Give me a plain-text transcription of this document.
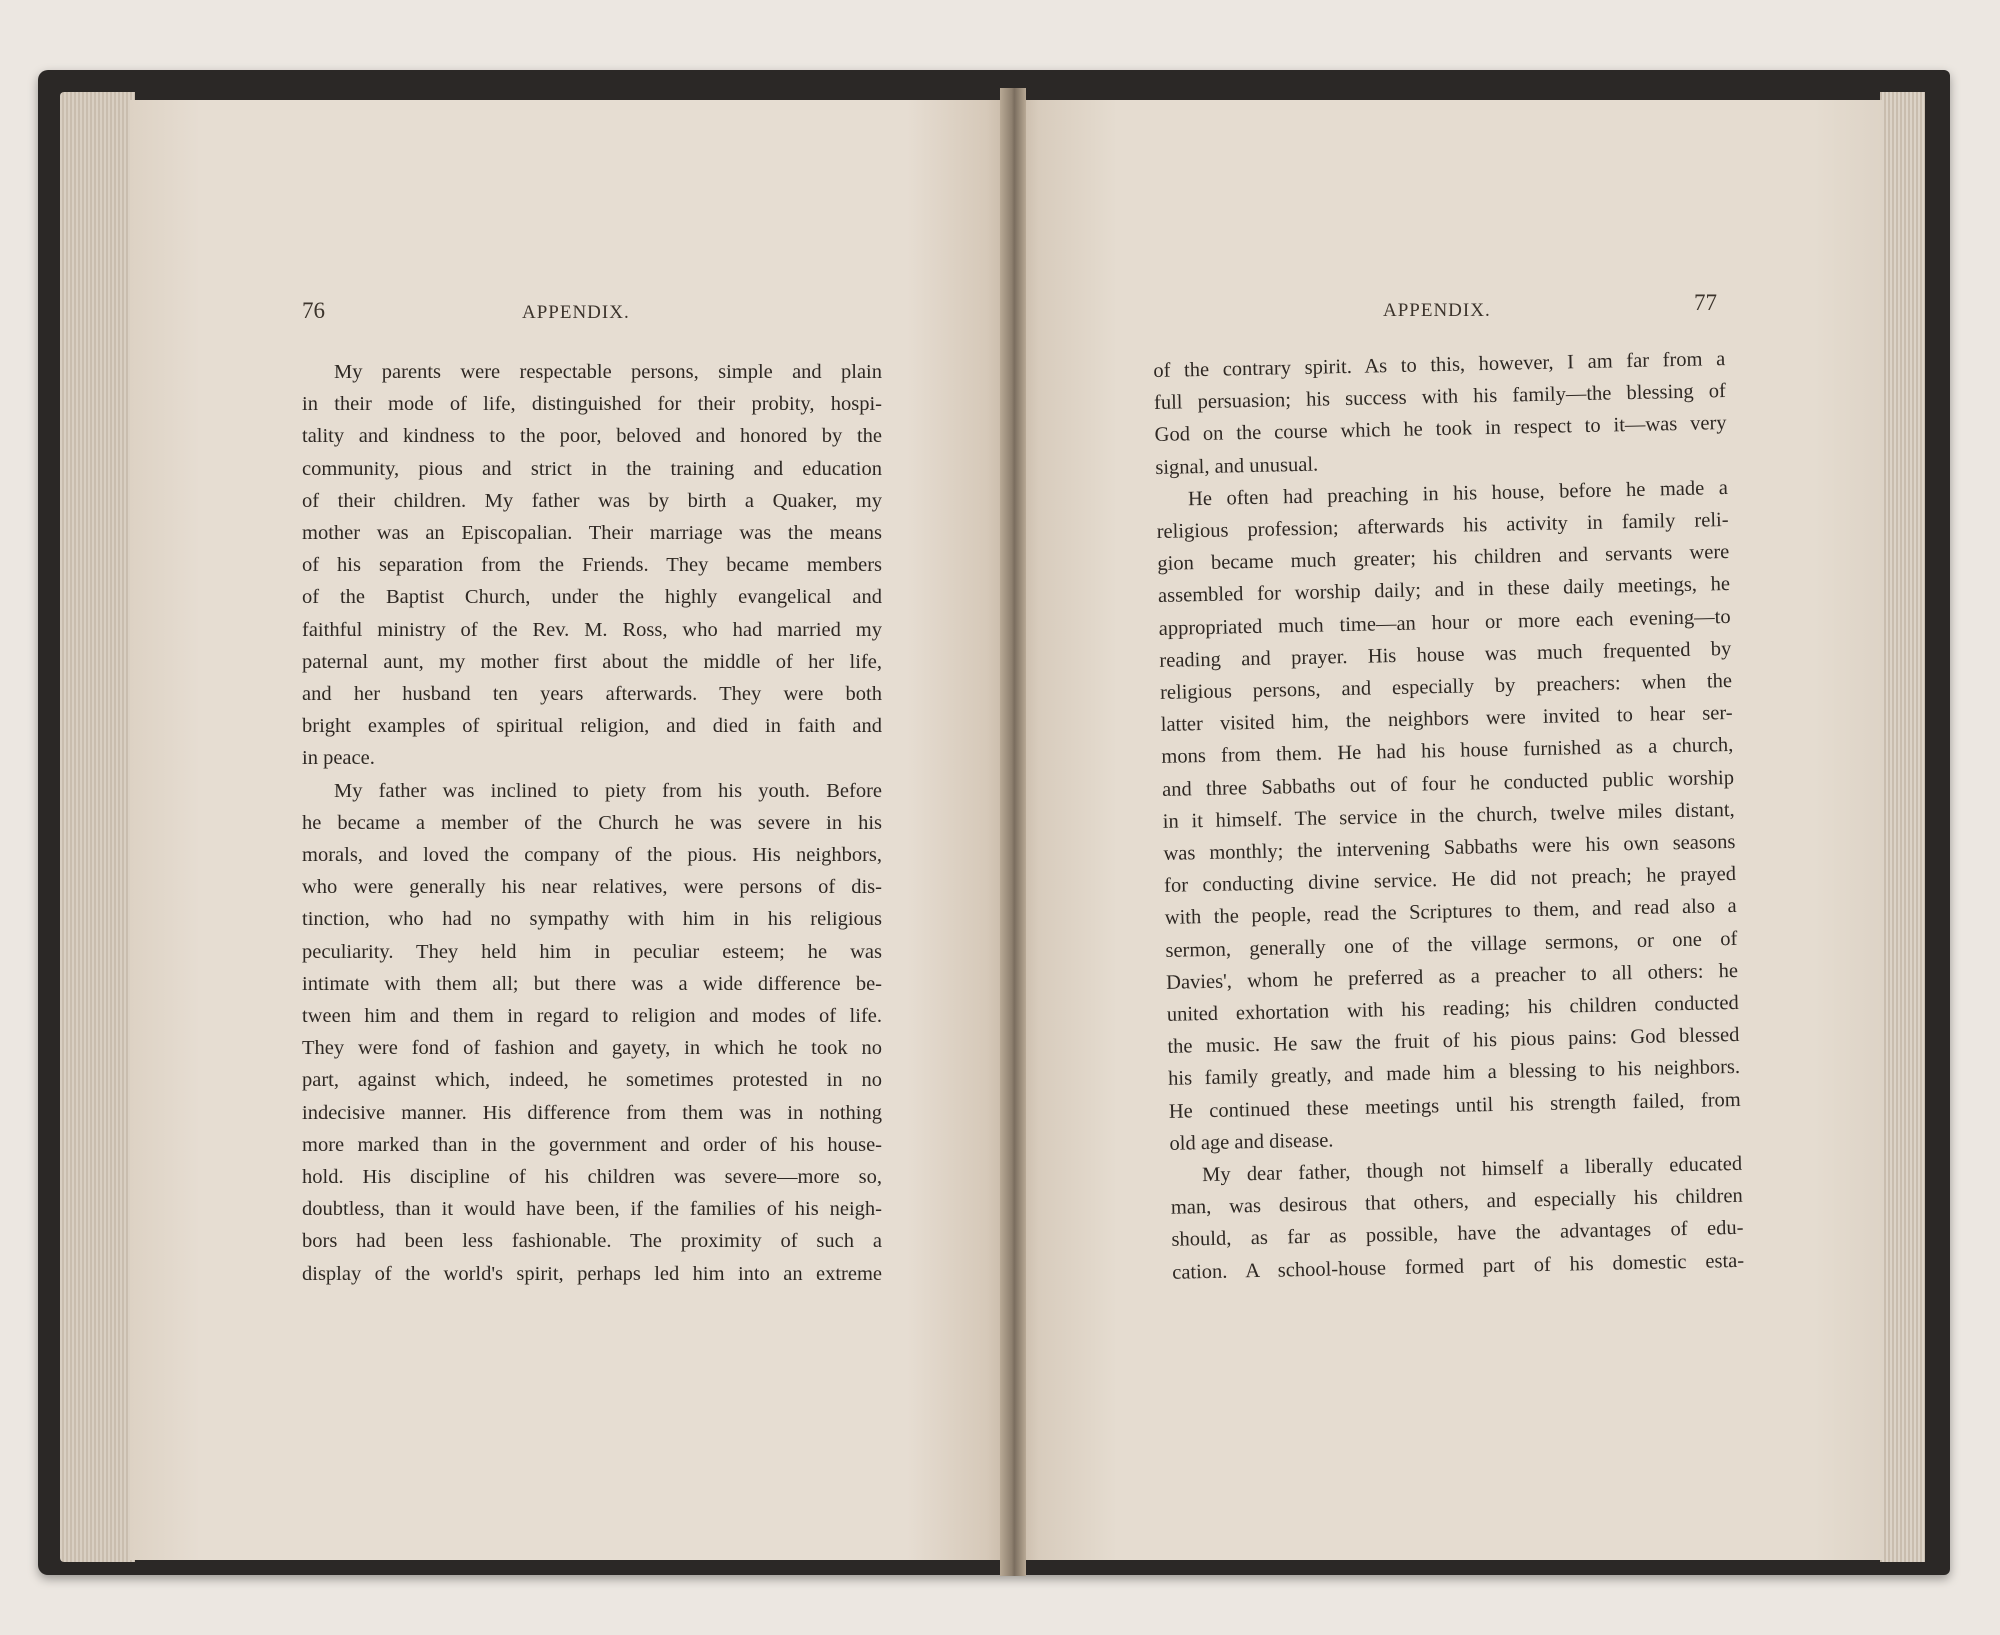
76	APPENDIX.
My parents were respectable persons, simple and plain
in their mode of life, distinguished for their probity, hospi-
tality and kindness to the poor, beloved and honored by the
community, pious and strict in the training and education
of their children. My father was by birth a Quaker, my
mother was an Episcopalian. Their marriage was the means
of his separation from the Friends. They became members
of the Baptist Church, under the highly evangelical and
faithful ministry of the Rev. M. Ross, who had married my
paternal aunt, my mother first about the middle of her life,
and her husband ten years afterwards. They were both
bright examples of spiritual religion, and died in faith and
in peace.
My father was inclined to piety from his youth. Before
he became a member of the Church he was severe in his
morals, and loved the company of the pious. His neighbors,
who were generally his near relatives, were persons of dis-
tinction, who had no sympathy with him in his religious
peculiarity. They held him in peculiar esteem; he was
intimate with them all; but there was a wide difference be-
tween him and them in regard to religion and modes of life.
They were fond of fashion and gayety, in which he took no
part, against which, indeed, he sometimes protested in no
indecisive manner. His difference from them was in nothing
more marked than in the government and order of his house-
hold. His discipline of his children was severe—more so,
doubtless, than it would have been, if the families of his neigh-
bors had been less fashionable. The proximity of such a
display of the world's spirit, perhaps led him into an extreme
APPENDIX.	77
of the contrary spirit. As to this, however, I am far from a
full persuasion; his success with his family—the blessing of
God on the course which he took in respect to it—was very
signal, and unusual.
He often had preaching in his house, before he made a
religious profession; afterwards his activity in family reli-
gion became much greater; his children and servants were
assembled for worship daily; and in these daily meetings, he
appropriated much time—an hour or more each evening—to
reading and prayer. His house was much frequented by
religious persons, and especially by preachers: when the
latter visited him, the neighbors were invited to hear ser-
mons from them. He had his house furnished as a church,
and three Sabbaths out of four he conducted public worship
in it himself. The service in the church, twelve miles distant,
was monthly; the intervening Sabbaths were his own seasons
for conducting divine service. He did not preach; he prayed
with the people, read the Scriptures to them, and read also a
sermon, generally one of the village sermons, or one of
Davies', whom he preferred as a preacher to all others: he
united exhortation with his reading; his children conducted
the music. He saw the fruit of his pious pains: God blessed
his family greatly, and made him a blessing to his neighbors.
He continued these meetings until his strength failed, from
old age and disease.
My dear father, though not himself a liberally educated
man, was desirous that others, and especially his children
should, as far as possible, have the advantages of edu-
cation. A school-house formed part of his domestic esta-
